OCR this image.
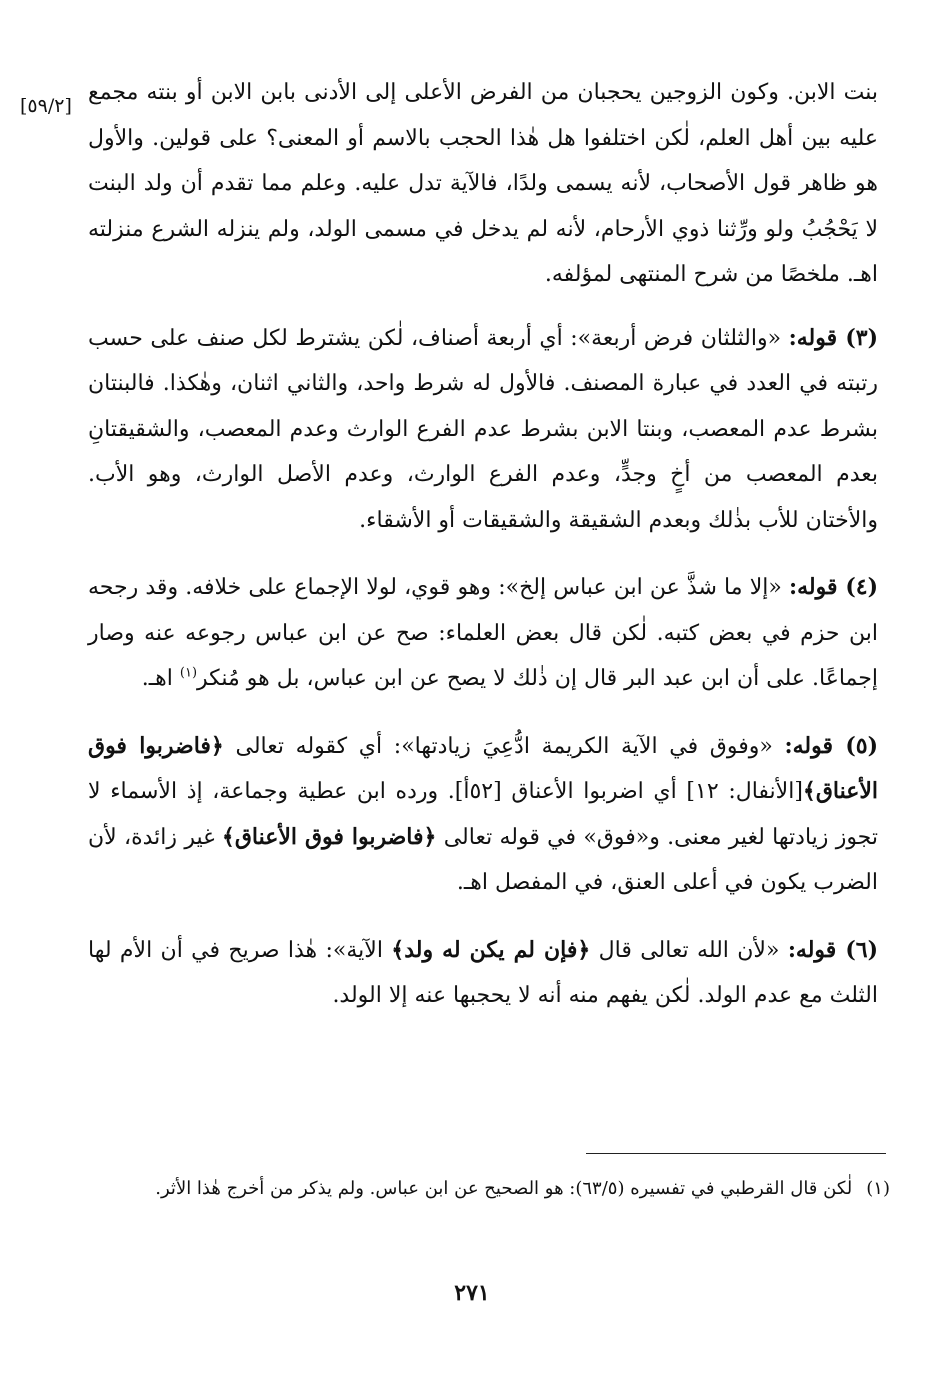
[٥٩/٢]

بنت الابن. وكون الزوجين يحجبان من الفرض الأعلى إلى الأدنى بابن الابن أو بنته مجمع عليه بين أهل العلم، لٰكن اختلفوا هل هٰذا الحجب بالاسم أو المعنى؟ على قولين. والأول هو ظاهر قول الأصحاب، لأنه يسمى ولدًا، فالآية تدل عليه. وعلم مما تقدم أن ولد البنت لا يَحْجُبُ ولو ورِّثنا ذوي الأرحام، لأنه لم يدخل في مسمى الولد، ولم ينزله الشرع منزلته اهـ. ملخصًا من شرح المنتهى لمؤلفه.

(٣) قوله: «والثلثان فرض أربعة»: أي أربعة أصناف، لٰكن يشترط لكل صنف على حسب رتبته في العدد في عبارة المصنف. فالأول له شرط واحد، والثاني اثنان، وهٰكذا. فالبنتان بشرط عدم المعصب، وبنتا الابن بشرط عدم الفرع الوارث وعدم المعصب، والشقيقتانِ بعدم المعصب من أخٍ وجدٍّ، وعدم الفرع الوارث، وعدم الأصل الوارث، وهو الأب. والأختان للأب بذٰلك وبعدم الشقيقة والشقيقات أو الأشقاء.

(٤) قوله: «إلا ما شذَّ عن ابن عباس إلخ»: وهو قوي، لولا الإجماع على خلافه. وقد رجحه ابن حزم في بعض كتبه. لٰكن قال بعض العلماء: صح عن ابن عباس رجوعه عنه وصار إجماعًا. على أن ابن عبد البر قال إن ذٰلك لا يصح عن ابن عباس، بل هو مُنكر$^{(١)}$ اهـ.

(٥) قوله: «وفوق في الآية الكريمة ادُّعِيَ زيادتها»: أي كقوله تعالى ﴿فاضربوا فوق الأعناق﴾[الأنفال: ١٢] أي اضربوا الأعناق [٥٢أ]. ورده ابن عطية وجماعة، إذ الأسماء لا تجوز زيادتها لغير معنى. و«فوق» في قوله تعالى ﴿فاضربوا فوق الأعناق﴾ غير زائدة، لأن الضرب يكون في أعلى العنق، في المفصل اهـ.

(٦) قوله: «لأن الله تعالى قال ﴿فإن لم يكن له ولد﴾ الآية»: هٰذا صريح في أن الأم لها الثلث مع عدم الولد. لٰكن يفهم منه أنه لا يحجبها عنه إلا الولد.

(١)لٰكن قال القرطبي في تفسيره (٦٣/٥): هو الصحيح عن ابن عباس. ولم يذكر من أخرج هٰذا الأثر.
٢٧١
